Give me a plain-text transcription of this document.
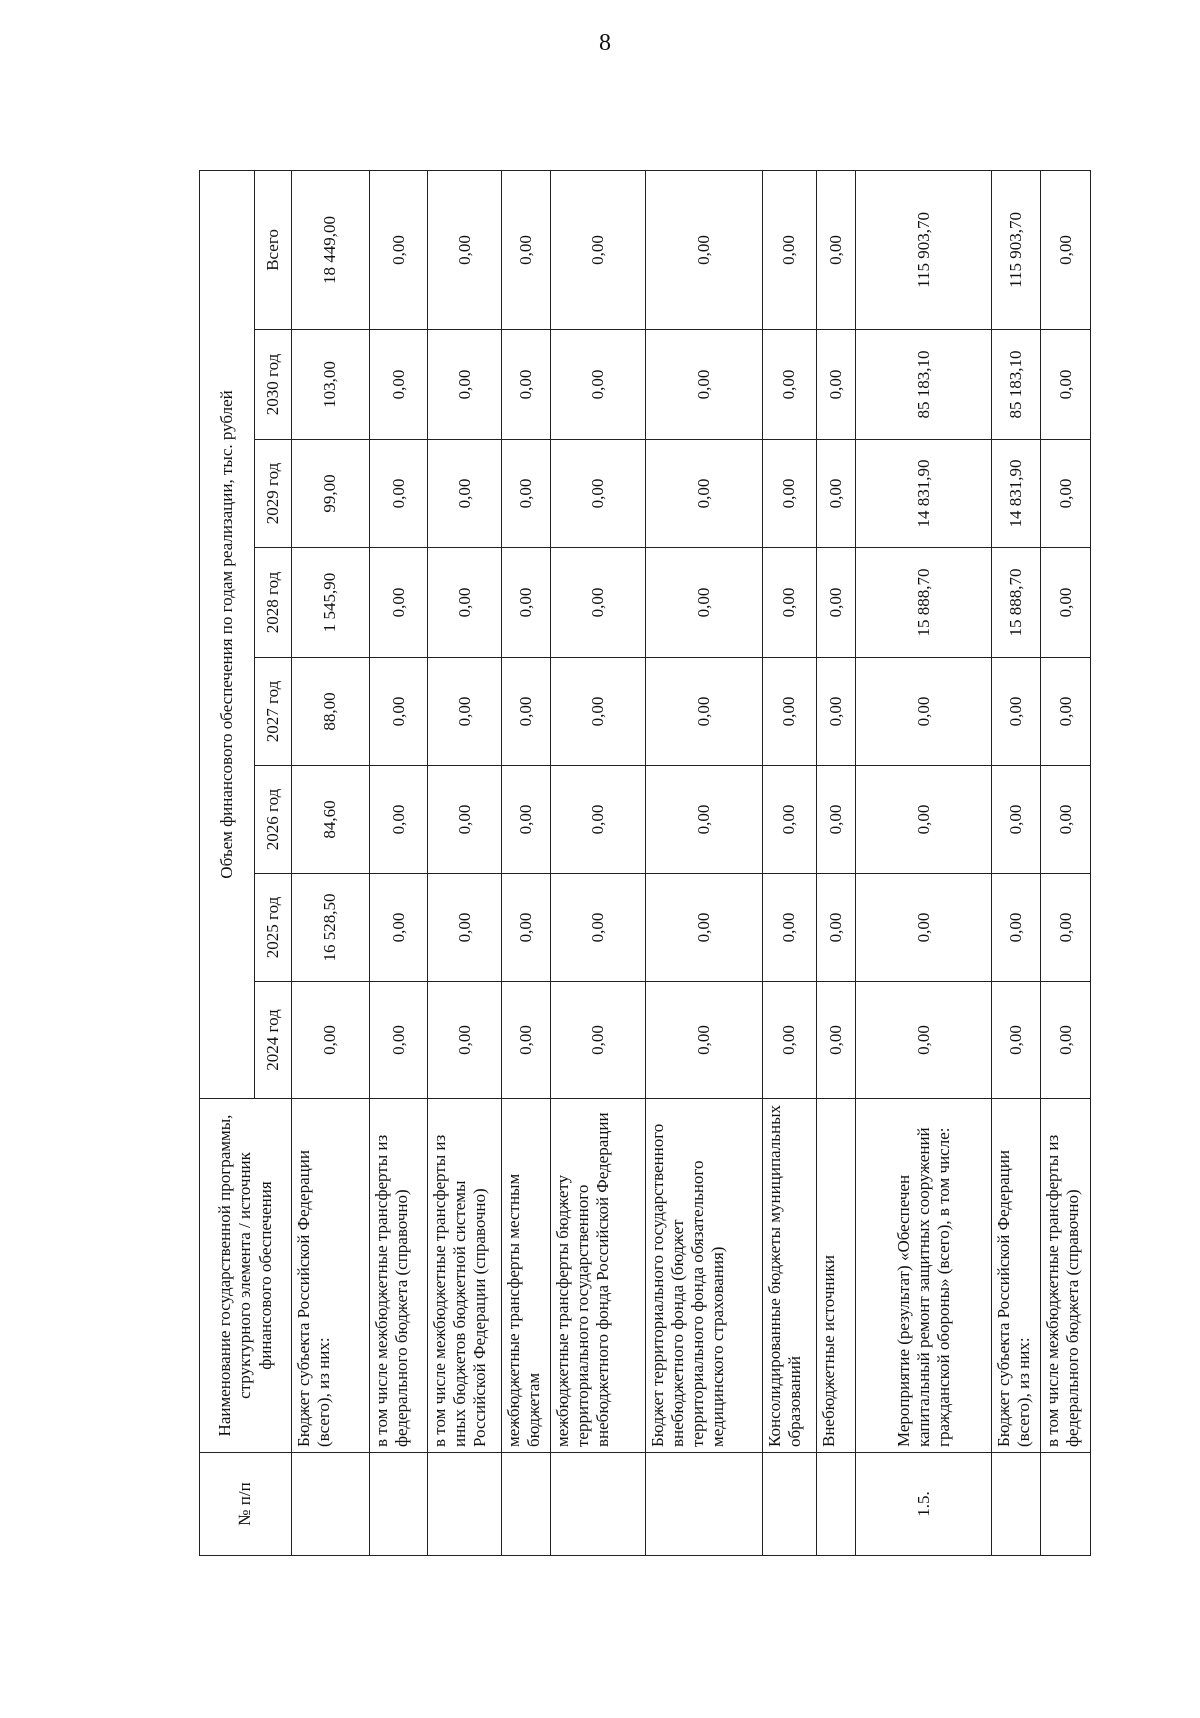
8
№ п/п	Наименование государственной программы, структурного элемента / источник финансового обеспечения	Объем финансового обеспечения по годам реализации, тыс. рублей							
		2024 год	2025 год	2026 год	2027 год	2028 год	2029 год	2030 год	Всего
	Бюджет субъекта Российской Федерации (всего), из них:	0,00	16 528,50	84,60	88,00	1 545,90	99,00	103,00	18 449,00
	в том числе межбюджетные трансферты из федерального бюджета (справочно)	0,00	0,00	0,00	0,00	0,00	0,00	0,00	0,00
	в том числе межбюджетные трансферты из иных бюджетов бюджетной системы Российской Федерации (справочно)	0,00	0,00	0,00	0,00	0,00	0,00	0,00	0,00
	межбюджетные трансферты местным бюджетам	0,00	0,00	0,00	0,00	0,00	0,00	0,00	0,00
	межбюджетные трансферты бюджету территориального государственного внебюджетного фонда Российской Федерации	0,00	0,00	0,00	0,00	0,00	0,00	0,00	0,00
	Бюджет территориального государственного внебюджетного фонда (бюджет территориального фонда обязательного медицинского страхования)	0,00	0,00	0,00	0,00	0,00	0,00	0,00	0,00
	Консолидированные бюджеты муниципальных образований	0,00	0,00	0,00	0,00	0,00	0,00	0,00	0,00
	Внебюджетные источники	0,00	0,00	0,00	0,00	0,00	0,00	0,00	0,00
1.5.	Мероприятие (результат) «Обеспечен капитальный ремонт защитных сооружений гражданской обороны» (всего), в том числе:	0,00	0,00	0,00	0,00	15 888,70	14 831,90	85 183,10	115 903,70
	Бюджет субъекта Российской Федерации (всего), из них:	0,00	0,00	0,00	0,00	15 888,70	14 831,90	85 183,10	115 903,70
	в том числе межбюджетные трансферты из федерального бюджета (справочно)	0,00	0,00	0,00	0,00	0,00	0,00	0,00	0,00
